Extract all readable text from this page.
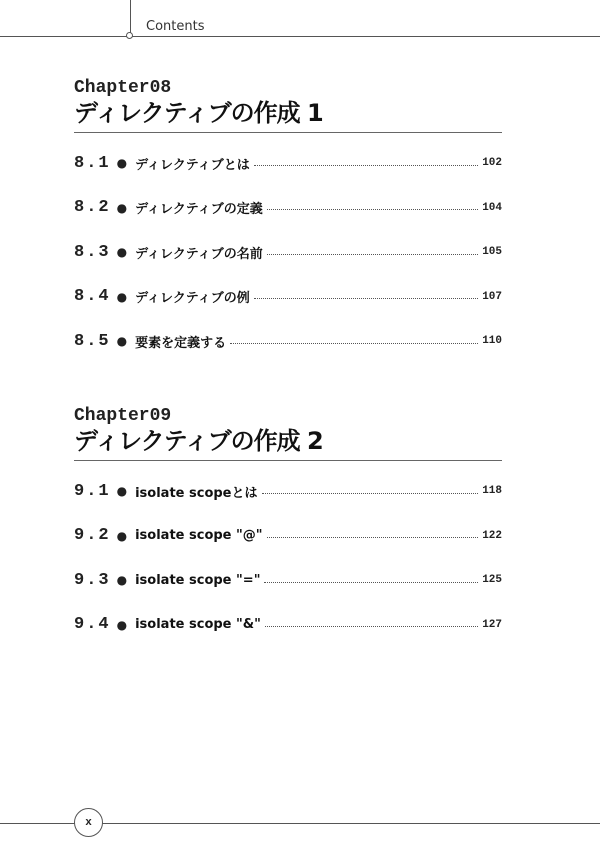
Contents
Chapter08
ディレクティブの作成 1
8.1 ● ディレクティブとは	102
8.2 ● ディレクティブの定義	104
8.3 ● ディレクティブの名前	105
8.4 ● ディレクティブの例	107
8.5 ● 要素を定義する	110
Chapter09
ディレクティブの作成 2
9.1 ● isolate scopeとは	118
9.2 ● isolate scope "@"	122
9.3 ● isolate scope "="	125
9.4 ● isolate scope "&"	127
x
